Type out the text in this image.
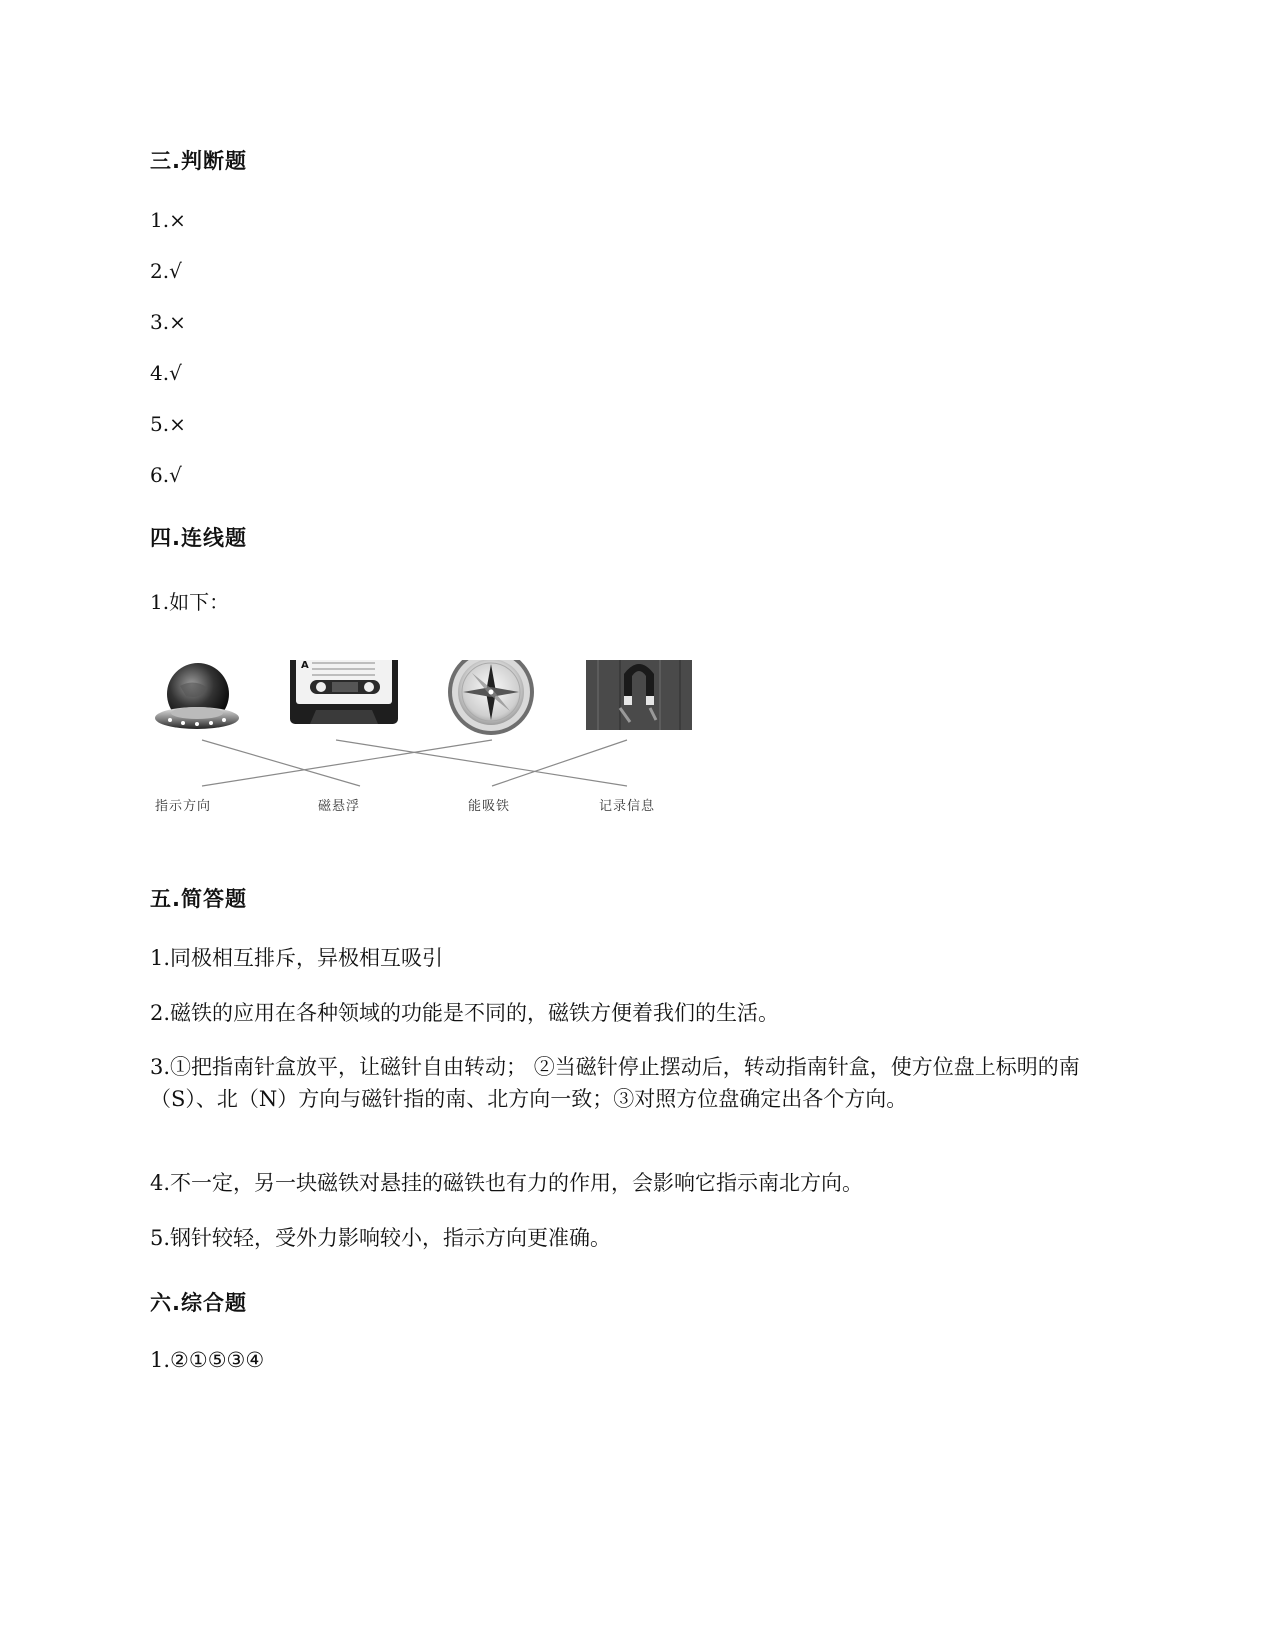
三.判断题
1.×
2.√
3.×
4.√
5.×
6.√
四.连线题
1.如下：
A
指示方向	磁悬浮	能吸铁	记录信息
五.简答题
1.同极相互排斥，异极相互吸引
2.磁铁的应用在各种领域的功能是不同的，磁铁方便着我们的生活。
3.①把指南针盒放平，让磁针自由转动； ②当磁针停止摆动后，转动指南针盒，使方位盘上标明的南（S）、北（N）方向与磁针指的南、北方向一致；③对照方位盘确定出各个方向。
4.不一定，另一块磁铁对悬挂的磁铁也有力的作用，会影响它指示南北方向。
5.钢针较轻，受外力影响较小，指示方向更准确。
六.综合题
1.②①⑤③④
